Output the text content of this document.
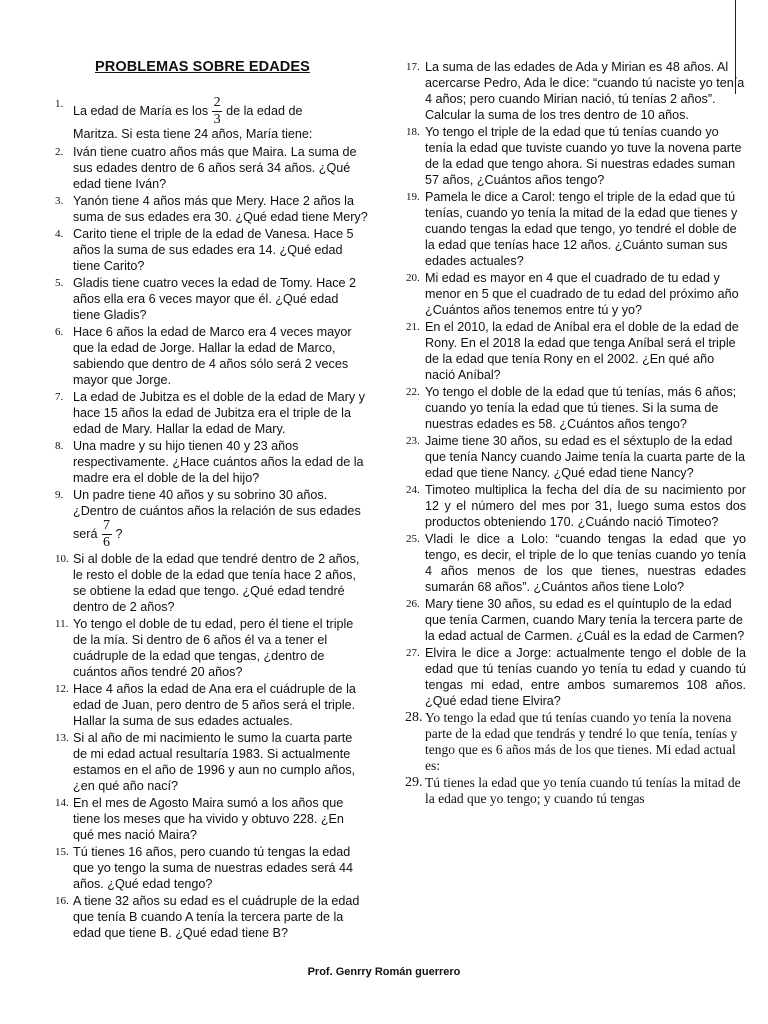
PROBLEMAS SOBRE EDADES
1. La edad de María es los $\frac{2}{3}$ de la edad de
Maritza. Si esta tiene 24 años, María tiene:
2. Iván tiene cuatro años más que Maira. La suma de sus edades dentro de 6 años será 34 años. ¿Qué edad tiene Iván?
3. Yanón tiene 4 años más que Mery. Hace 2 años la suma de sus edades era 30. ¿Qué edad tiene Mery?
4. Carito tiene el triple de la edad de Vanesa. Hace 5 años la suma de sus edades era 14. ¿Qué edad tiene Carito?
5. Gladis tiene cuatro veces la edad de Tomy. Hace 2 años ella era 6 veces mayor que él. ¿Qué edad tiene Gladis?
6. Hace 6 años la edad de Marco era 4 veces mayor que la edad de Jorge. Hallar la edad de Marco, sabiendo que dentro de 4 años sólo será 2 veces mayor que Jorge.
7. La edad de Jubitza es el doble de la edad de Mary y hace 15 años la edad de Jubitza era el triple de la edad de Mary. Hallar la edad de Mary.
8. Una madre y su hijo tienen 40 y 23 años respectivamente. ¿Hace cuántos años la edad de la madre era el doble de la del hijo?
9. Un padre tiene 40 años y su sobrino 30 años. ¿Dentro de cuántos años la relación de sus edades será $\frac{7}{6}$ ?
10. Si al doble de la edad que tendré dentro de 2 años, le resto el doble de la edad que tenía hace 2 años, se obtiene la edad que tengo. ¿Qué edad tendré dentro de 2 años?
11. Yo tengo el doble de tu edad, pero él tiene el triple de la mía. Si dentro de 6 años él va a tener el cuádruple de la edad que tengas, ¿dentro de cuántos años tendré 20 años?
12. Hace 4 años la edad de Ana era el cuádruple de la edad de Juan, pero dentro de 5 años será el triple. Hallar la suma de sus edades actuales.
13. Si al año de mi nacimiento le sumo la cuarta parte de mi edad actual resultaría 1983. Si actualmente estamos en el año de 1996 y aun no cumplo años, ¿en qué año nací?
14. En el mes de Agosto Maira sumó a los años que tiene los meses que ha vivido y obtuvo 228. ¿En qué mes nació Maira?
15. Tú tienes 16 años, pero cuando tú tengas la edad que yo tengo la suma de nuestras edades será 44 años. ¿Qué edad tengo?
16. A tiene 32 años su edad es el cuádruple de la edad que tenía B cuando A tenía la tercera parte de la edad que tiene B. ¿Qué edad tiene B?
17. La suma de las edades de Ada y Mirian es 48 años. Al acercarse Pedro, Ada le dice: “cuando tú naciste yo tenía 4 años; pero cuando Mirian nació, tú tenías 2 años”. Calcular la suma de los tres dentro de 10 años.
18. Yo tengo el triple de la edad que tú tenías cuando yo tenía la edad que tuviste cuando yo tuve la novena parte de la edad que tengo ahora. Si nuestras edades suman 57 años, ¿Cuántos años tengo?
19. Pamela le dice a Carol: tengo el triple de la edad que tú tenías, cuando yo tenía la mitad de la edad que tienes y cuando tengas la edad que tengo, yo tendré el doble de la edad que tenías hace 12 años. ¿Cuánto suman sus edades actuales?
20. Mi edad es mayor en 4 que el cuadrado de tu edad y menor en 5 que el cuadrado de tu edad del próximo año ¿Cuántos años tenemos entre tú y yo?
21. En el 2010, la edad de Aníbal era el doble de la edad de Rony. En el 2018 la edad que tenga Aníbal será el triple de la edad que tenía Rony en el 2002. ¿En qué año nació Aníbal?
22. Yo tengo el doble de la edad que tú tenías, más 6 años; cuando yo tenía la edad que tú tienes. Si la suma de nuestras edades es 58. ¿Cuántos años tengo?
23. Jaime tiene 30 años, su edad es el séxtuplo de la edad que tenía Nancy cuando Jaime tenía la cuarta parte de la edad que tiene Nancy. ¿Qué edad tiene Nancy?
24. Timoteo multiplica la fecha del día de su nacimiento por 12 y el número del mes por 31, luego suma estos dos productos obteniendo 170. ¿Cuándo nació Timoteo?
25. Vladi le dice a Lolo: “cuando tengas la edad que yo tengo, es decir, el triple de lo que tenías cuando yo tenía 4 años menos de los que tienes, nuestras edades sumarán 68 años”. ¿Cuántos años tiene Lolo?
26. Mary tiene 30 años, su edad es el quíntuplo de la edad que tenía Carmen, cuando Mary tenía la tercera parte de la edad actual de Carmen. ¿Cuál es la edad de Carmen?
27. Elvira le dice a Jorge: actualmente tengo el doble de la edad que tú tenías cuando yo tenía tu edad y cuando tú tengas mi edad, entre ambos sumaremos 108 años. ¿Qué edad tiene Elvira?
28. Yo tengo la edad que tú tenías cuando yo tenía la novena parte de la edad que tendrás y tendré lo que tenía, tenías y tengo que es 6 años más de los que tienes. Mi edad actual es:
29. Tú tienes la edad que yo tenía cuando tú tenías la mitad de la edad que yo tengo; y cuando tú tengas
Prof. Genrry Román guerrero
